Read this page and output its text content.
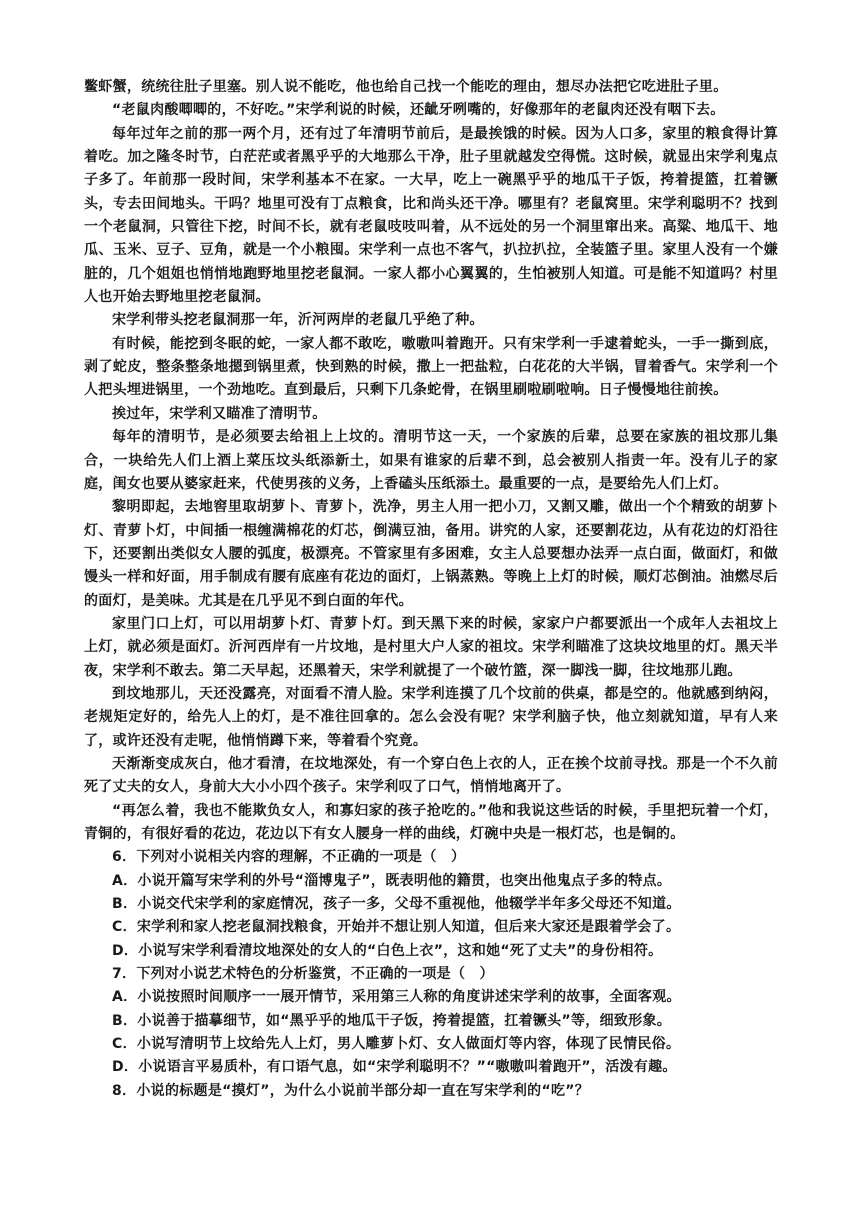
鳖虾蟹，统统往肚子里塞。别人说不能吃，他也给自己找一个能吃的理由，想尽办法把它吃进肚子里。

“老鼠肉酸唧唧的，不好吃。”宋学利说的时候，还龇牙咧嘴的，好像那年的老鼠肉还没有咽下去。

每年过年之前的那一两个月，还有过了年清明节前后，是最挨饿的时候。因为人口多，家里的粮食得计算着吃。加之隆冬时节，白茫茫或者黑乎乎的大地那么干净，肚子里就越发空得慌。这时候，就显出宋学利鬼点子多了。年前那一段时间，宋学利基本不在家。一大早，吃上一碗黑乎乎的地瓜干子饭，挎着提篮，扛着镢头，专去田间地头。干吗？地里可没有丁点粮食，比和尚头还干净。哪里有？老鼠窝里。宋学利聪明不？找到一个老鼠洞，只管往下挖，时间不长，就有老鼠吱吱叫着，从不远处的另一个洞里窜出来。高粱、地瓜干、地瓜、玉米、豆子、豆角，就是一个小粮囤。宋学利一点也不客气，扒拉扒拉，全装篮子里。家里人没有一个嫌脏的，几个姐姐也悄悄地跑野地里挖老鼠洞。一家人都小心翼翼的，生怕被别人知道。可是能不知道吗？村里人也开始去野地里挖老鼠洞。

宋学利带头挖老鼠洞那一年，沂河两岸的老鼠几乎绝了种。

有时候，能挖到冬眠的蛇，一家人都不敢吃，嗷嗷叫着跑开。只有宋学利一手逮着蛇头，一手一撕到底，剥了蛇皮，整条整条地摁到锅里煮，快到熟的时候，撒上一把盐粒，白花花的大半锅，冒着香气。宋学利一个人把头埋进锅里，一个劲地吃。直到最后，只剩下几条蛇骨，在锅里刷啦刷啦响。日子慢慢地往前挨。

挨过年，宋学利又瞄准了清明节。

每年的清明节，是必须要去给祖上上坟的。清明节这一天，一个家族的后辈，总要在家族的祖坟那儿集合，一块给先人们上酒上菜压坟头纸添新土，如果有谁家的后辈不到，总会被别人指责一年。没有儿子的家庭，闺女也要从婆家赶来，代使男孩的义务，上香磕头压纸添土。最重要的一点，是要给先人们上灯。

黎明即起，去地窖里取胡萝卜、青萝卜，洗净，男主人用一把小刀，又割又雕，做出一个个精致的胡萝卜灯、青萝卜灯，中间插一根缠满棉花的灯芯，倒满豆油，备用。讲究的人家，还要割花边，从有花边的灯沿往下，还要割出类似女人腰的弧度，极漂亮。不管家里有多困难，女主人总要想办法弄一点白面，做面灯，和做馒头一样和好面，用手制成有腰有底座有花边的面灯，上锅蒸熟。等晚上上灯的时候，顺灯芯倒油。油燃尽后的面灯，是美味。尤其是在几乎见不到白面的年代。

家里门口上灯，可以用胡萝卜灯、青萝卜灯。到天黑下来的时候，家家户户都要派出一个成年人去祖坟上上灯，就必须是面灯。沂河西岸有一片坟地，是村里大户人家的祖坟。宋学利瞄准了这块坟地里的灯。黑天半夜，宋学利不敢去。第二天早起，还黑着天，宋学利就提了一个破竹篮，深一脚浅一脚，往坟地那儿跑。

到坟地那儿，天还没露亮，对面看不清人脸。宋学利连摸了几个坟前的供桌，都是空的。他就感到纳闷，老规矩定好的，给先人上的灯，是不准往回拿的。怎么会没有呢？宋学利脑子快，他立刻就知道，早有人来了，或许还没有走呢，他悄悄蹲下来，等着看个究竟。

天渐渐变成灰白，他才看清，在坟地深处，有一个穿白色上衣的人，正在挨个坟前寻找。那是一个不久前死了丈夫的女人，身前大大小小四个孩子。宋学利叹了口气，悄悄地离开了。

“再怎么着，我也不能欺负女人，和寡妇家的孩子抢吃的。”他和我说这些话的时候，手里把玩着一个灯，青铜的，有很好看的花边，花边以下有女人腰身一样的曲线，灯碗中央是一根灯芯，也是铜的。

6．下列对小说相关内容的理解，不正确的一项是（　）

A．小说开篇写宋学利的外号“淄博鬼子”，既表明他的籍贯，也突出他鬼点子多的特点。

B．小说交代宋学利的家庭情况，孩子一多，父母不重视他，他辍学半年多父母还不知道。

C．宋学利和家人挖老鼠洞找粮食，开始并不想让别人知道，但后来大家还是跟着学会了。

D．小说写宋学利看清坟地深处的女人的“白色上衣”，这和她“死了丈夫”的身份相符。

7．下列对小说艺术特色的分析鉴赏，不正确的一项是（　）

A．小说按照时间顺序一一展开情节，采用第三人称的角度讲述宋学利的故事，全面客观。

B．小说善于描摹细节，如“黑乎乎的地瓜干子饭，挎着提篮，扛着镢头”等，细致形象。

C．小说写清明节上坟给先人上灯，男人雕萝卜灯、女人做面灯等内容，体现了民情民俗。

D．小说语言平易质朴，有口语气息，如“宋学利聪明不？”“嗷嗷叫着跑开”，活泼有趣。

8．小说的标题是“摸灯”，为什么小说前半部分却一直在写宋学利的“吃”？
